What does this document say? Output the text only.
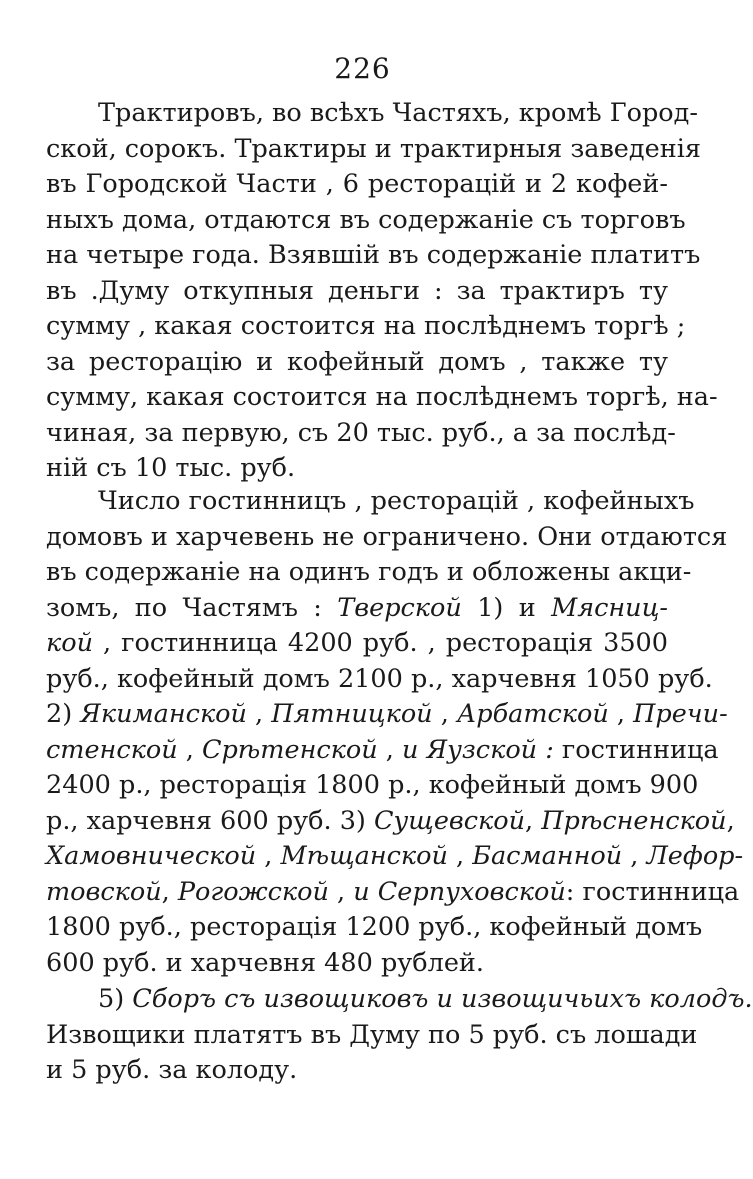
226
Трактировъ, во всѣхъ Частяхъ, кромѣ Город-
ской, сорокъ. Трактиры и трактирныя заведенія
въ Городской Части , 6 ресторацій и 2 кофей-
ныхъ дома, отдаются въ содержаніе съ торговъ
на четыре года. Взявшій въ содержаніе платитъ
въ .Думу откупныя деньги : за трактиръ ту
сумму , какая состоится на послѣднемъ торгѣ ;
за ресторацію и кофейный домъ , также ту
сумму, какая состоится на послѣднемъ торгѣ, на-
чиная, за первую, съ 20 тыс. руб., а за послѣд-
ній съ 10 тыс. руб.
Число гостинницъ , ресторацій , кофейныхъ
домовъ и харчевень не ограничено. Они отдаются
въ содержаніе на одинъ годъ и обложены акци-
зомъ, по Частямъ : Тверской 1) и Мясниц-
кой , гостинница 4200 руб. , ресторація 3500
руб., кофейный домъ 2100 р., харчевня 1050 руб.
2) Якиманской , Пятницкой , Арбатской , Пречи-
стенской , Срѣтенской , и Яузской : гостинница
2400 р., ресторація 1800 р., кофейный домъ 900
р., харчевня 600 руб. 3) Сущевской, Прѣсненской,
Хамовнической , Мѣщанской , Басманной , Лефор-
товской, Рогожской , и Серпуховской: гостинница
1800 руб., ресторація 1200 руб., кофейный домъ
600 руб. и харчевня 480 рублей.
5) Сборъ съ извощиковъ и извощичьихъ колодъ.
Извощики платятъ въ Думу по 5 руб. съ лошади
и 5 руб. за колоду.
